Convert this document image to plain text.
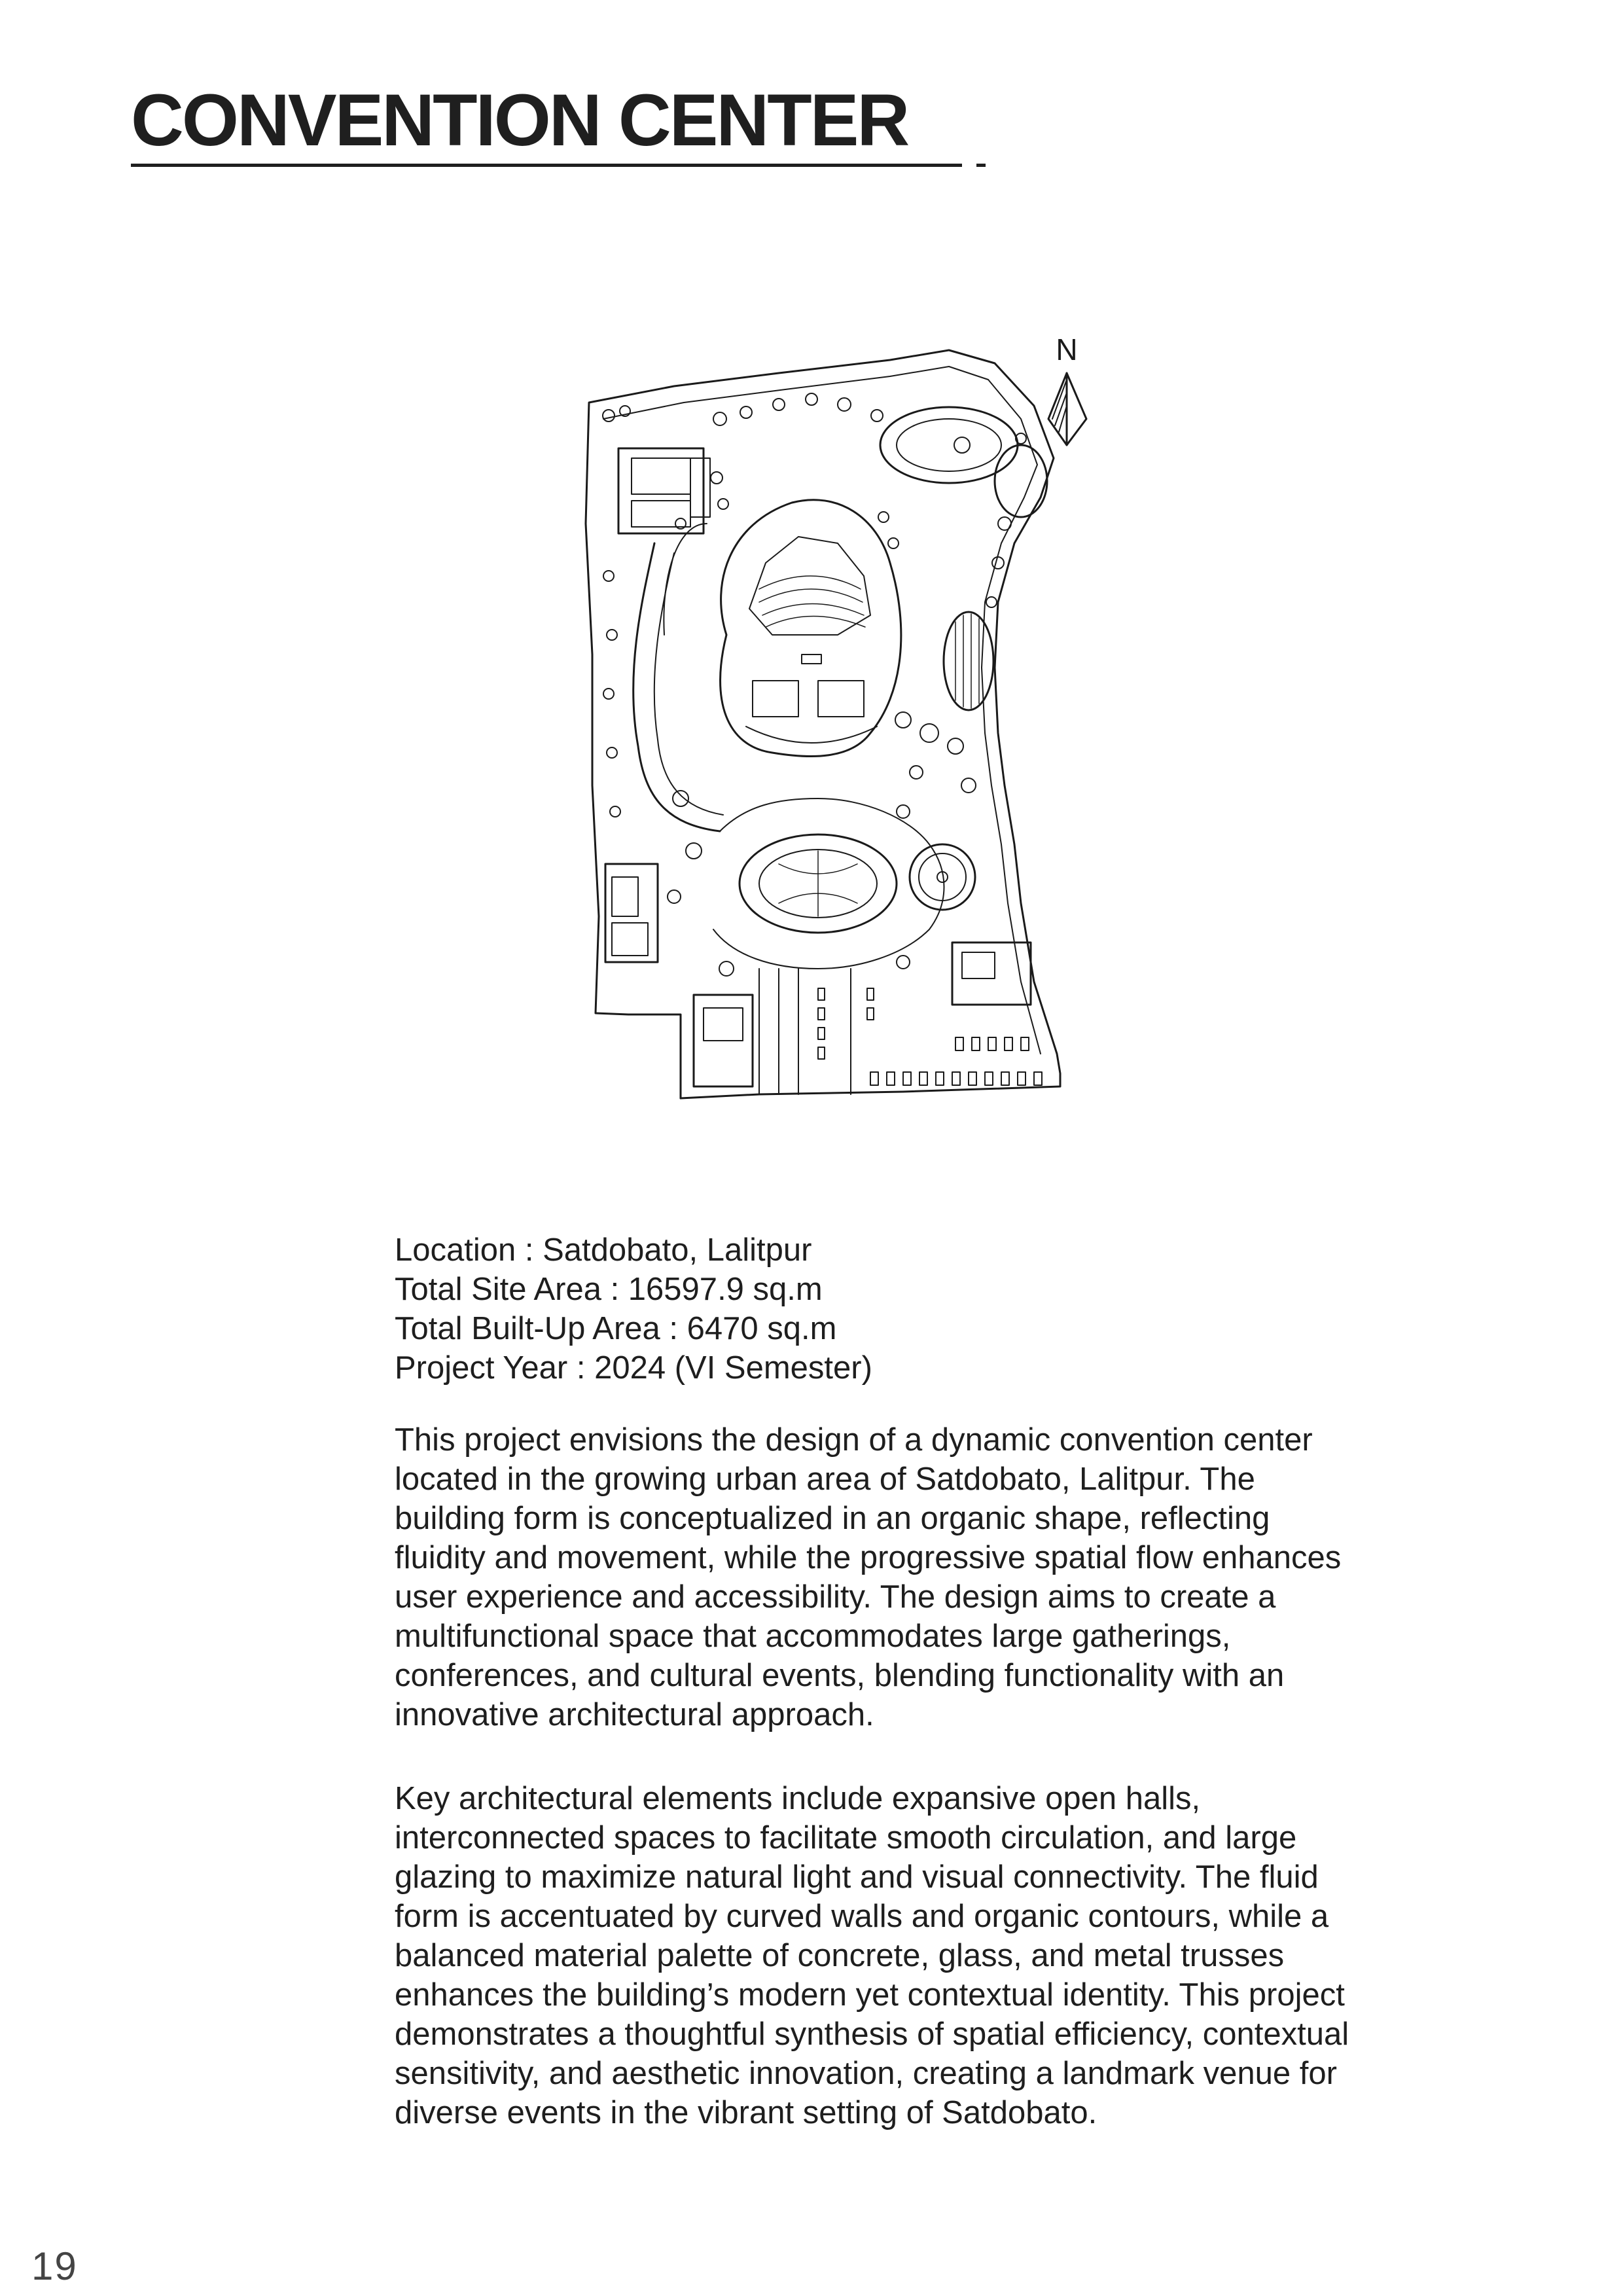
CONVENTION CENTER
N

Location : Satdobato, Lalitpur

Total Site Area : 16597.9 sq.m

Total Built-Up Area : 6470 sq.m

Project Year : 2024 (VI Semester)

This project envisions the design of a dynamic convention center located in the growing urban area of Satdobato, Lalitpur. The building form is conceptualized in an organic shape, reflecting fluidity and movement, while the progressive spatial flow enhances user experience and accessibility. The design aims to create a multifunctional space that accommodates large gatherings, conferences, and cultural events, blending functionality with an innovative architectural approach.

Key architectural elements include expansive open halls, interconnected spaces to facilitate smooth circulation, and large glazing to maximize natural light and visual connectivity. The fluid form is accentuated by curved walls and organic contours, while a balanced material palette of concrete, glass, and metal trusses enhances the building’s modern yet contextual identity. This project demonstrates a thoughtful synthesis of spatial efficiency, contextual sensitivity, and aesthetic innovation, creating a landmark venue for diverse events in the vibrant setting of Satdobato.

19
